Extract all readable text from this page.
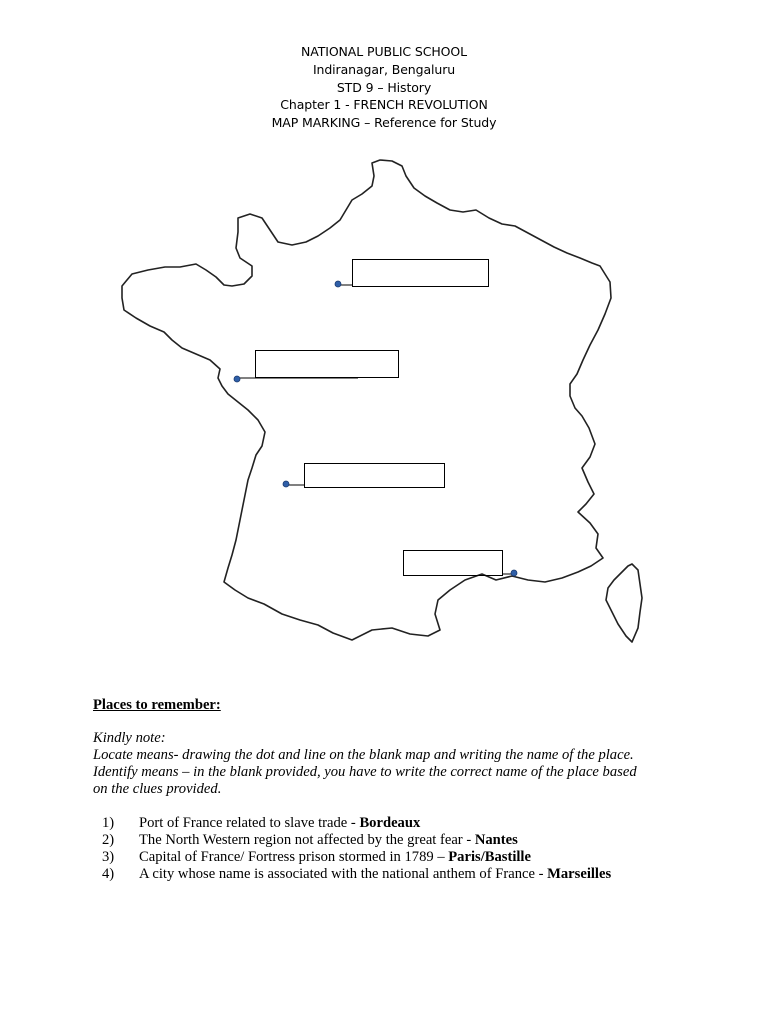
NATIONAL PUBLIC SCHOOL
Indiranagar, Bengaluru
STD 9 – History
Chapter 1 - FRENCH REVOLUTION
MAP MARKING – Reference for Study
Places to remember:
Kindly note:
Locate means- drawing the dot and line on the blank map and writing the name of the place.
Identify means – in the blank provided, you have to write the correct name of the place based
on the clues provided.
1) Port of France related to slave trade - Bordeaux
2) The North Western region not affected by the great fear - Nantes
3) Capital of France/ Fortress prison stormed in 1789 – Paris/Bastille
4) A city whose name is associated with the national anthem of France - Marseilles
